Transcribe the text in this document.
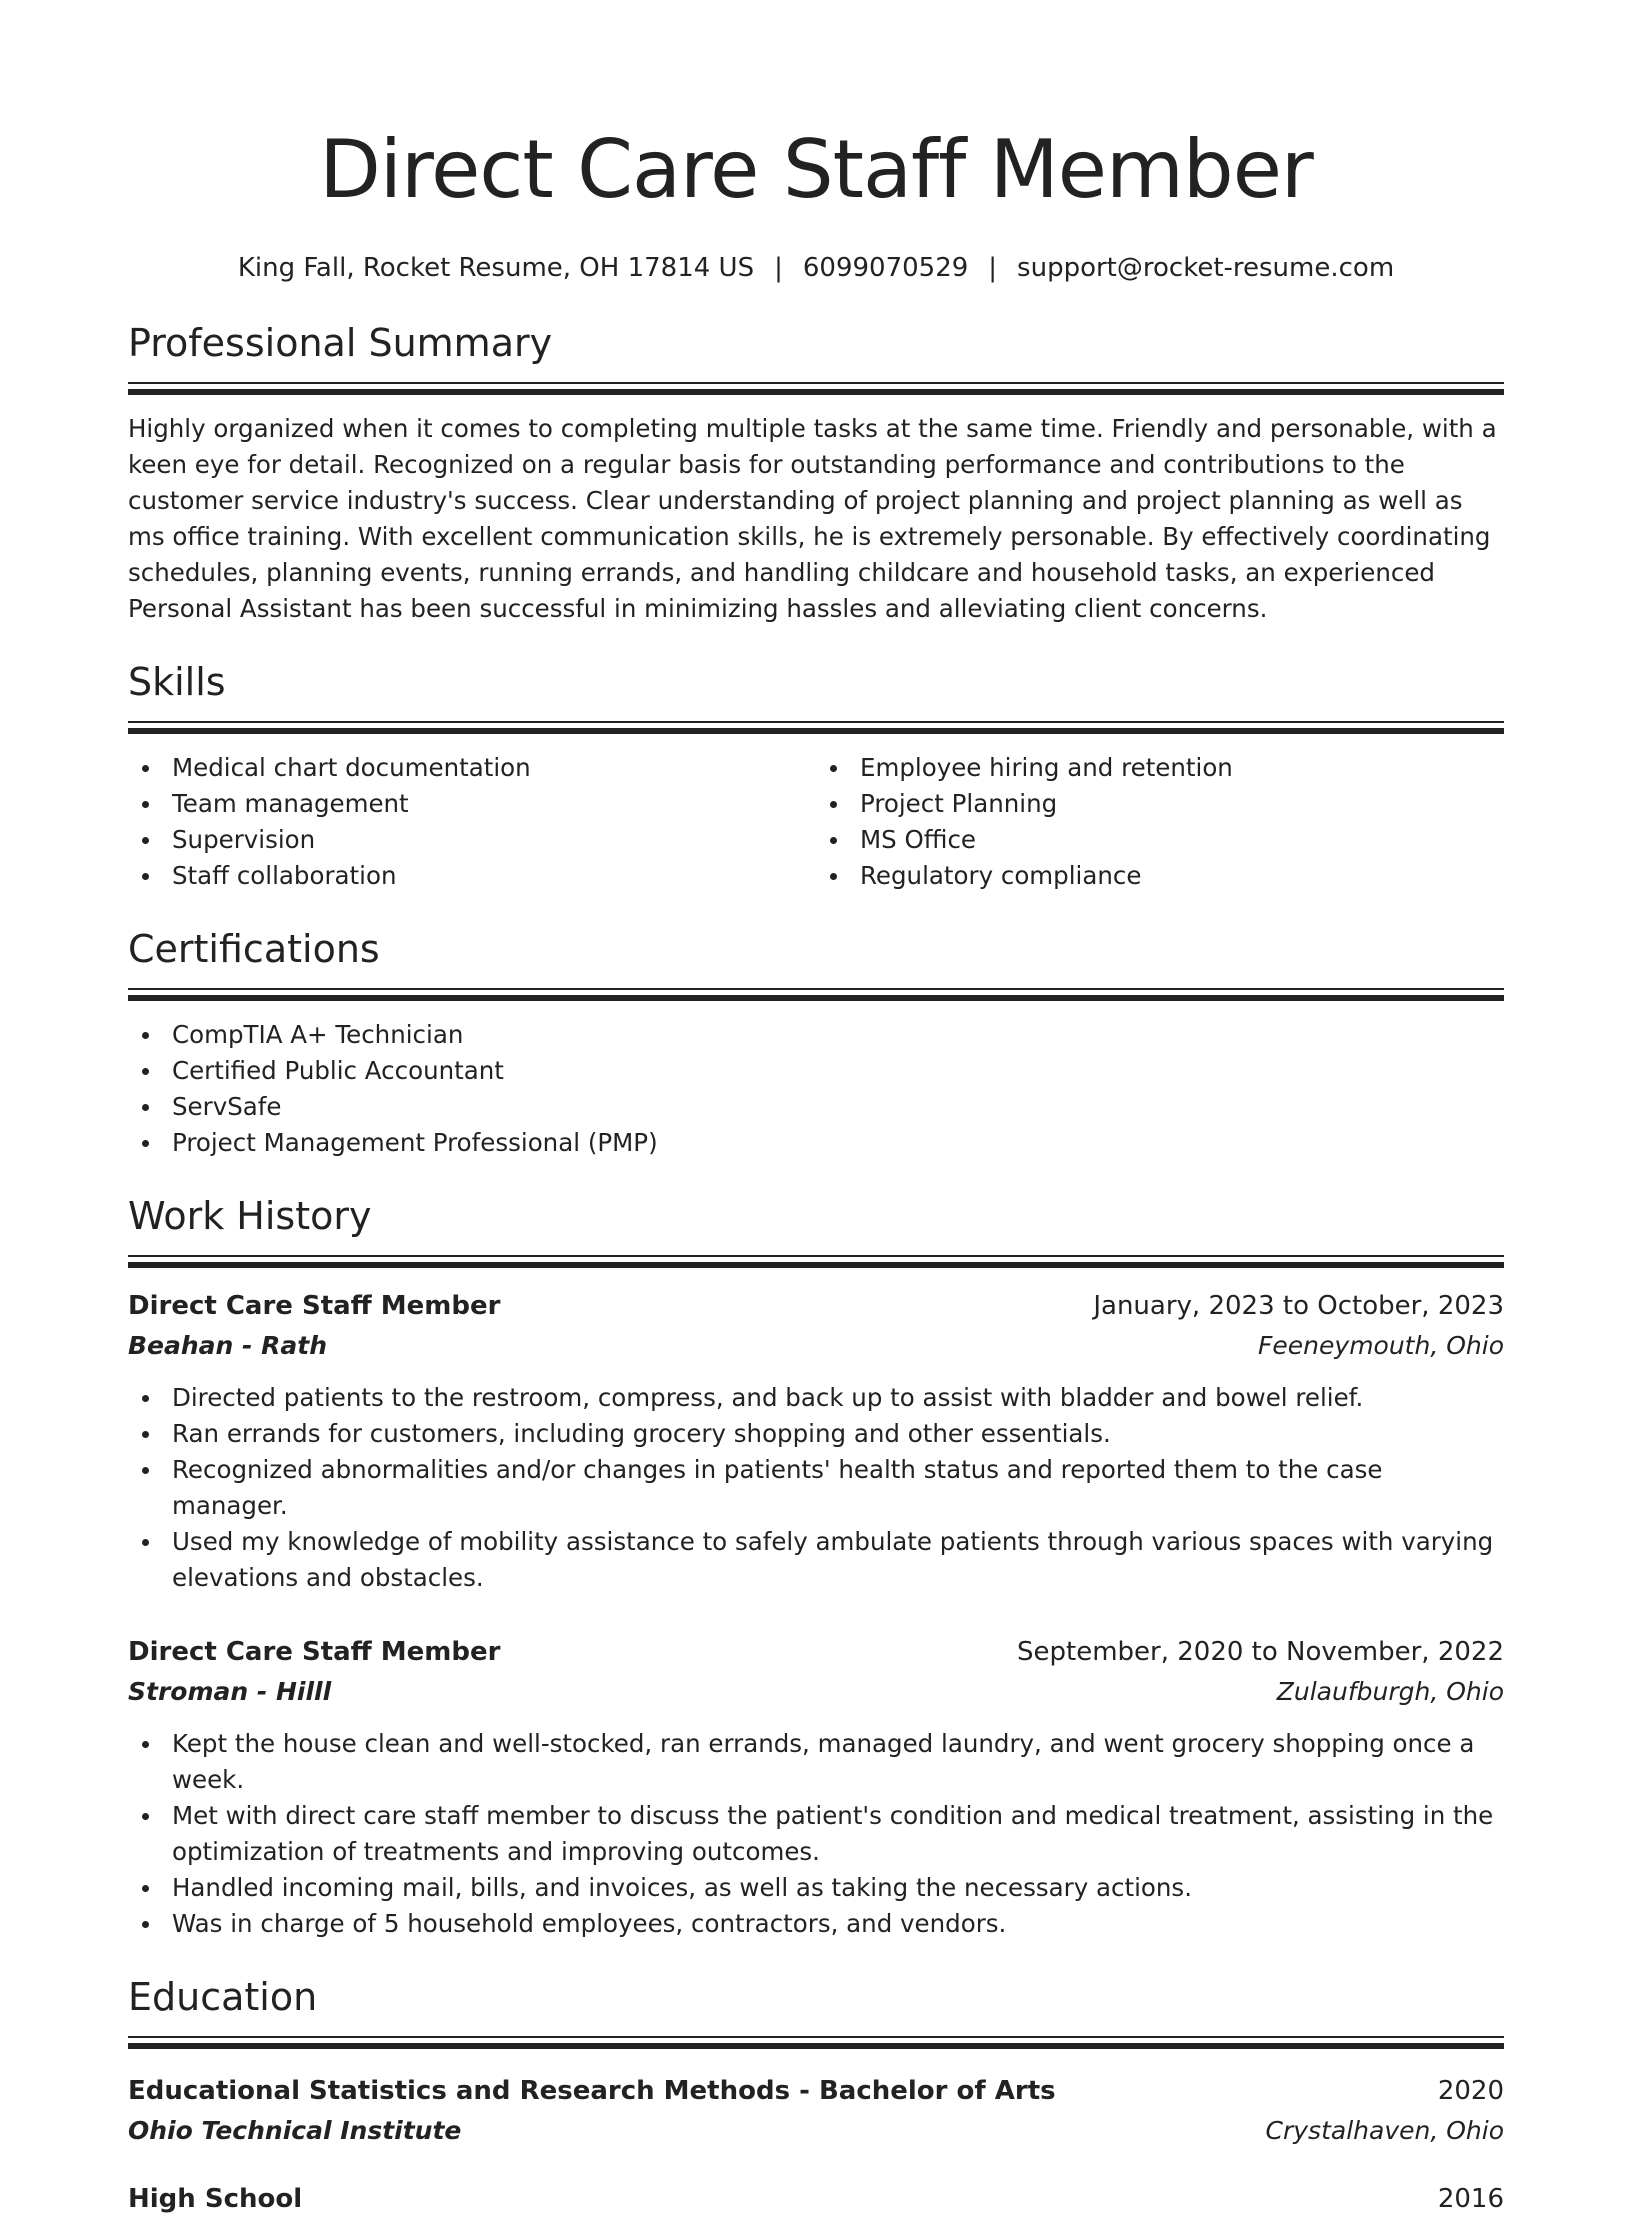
Direct Care Staff Member
King Fall, Rocket Resume, OH 17814 US | 6099070529 | support@rocket-resume.com
Professional Summary

Highly organized when it comes to completing multiple tasks at the same time. Friendly and personable, with a keen eye for detail. Recognized on a regular basis for outstanding performance and contributions to the customer service industry's success. Clear understanding of project planning and project planning as well as ms office training. With excellent communication skills, he is extremely personable. By effectively coordinating schedules, planning events, running errands, and handling childcare and household tasks, an experienced Personal Assistant has been successful in minimizing hassles and alleviating client concerns.

Skills
Medical chart documentation
Team management
Supervision
Staff collaboration
Employee hiring and retention
Project Planning
MS Office
Regulatory compliance
Certifications
CompTIA A+ Technician
Certified Public Accountant
ServSafe
Project Management Professional (PMP)
Work History
Direct Care Staff Member	January, 2023 to October, 2023
Beahan - Rath	Feeneymouth, Ohio
Directed patients to the restroom, compress, and back up to assist with bladder and bowel relief.
Ran errands for customers, including grocery shopping and other essentials.
Recognized abnormalities and/or changes in patients' health status and reported them to the case manager.
Used my knowledge of mobility assistance to safely ambulate patients through various spaces with varying elevations and obstacles.
Direct Care Staff Member	September, 2020 to November, 2022
Stroman - Hilll	Zulaufburgh, Ohio
Kept the house clean and well-stocked, ran errands, managed laundry, and went grocery shopping once a week.
Met with direct care staff member to discuss the patient's condition and medical treatment, assisting in the optimization of treatments and improving outcomes.
Handled incoming mail, bills, and invoices, as well as taking the necessary actions.
Was in charge of 5 household employees, contractors, and vendors.
Education
Educational Statistics and Research Methods - Bachelor of Arts	2020
Ohio Technical Institute	Crystalhaven, Ohio
High School	2016
